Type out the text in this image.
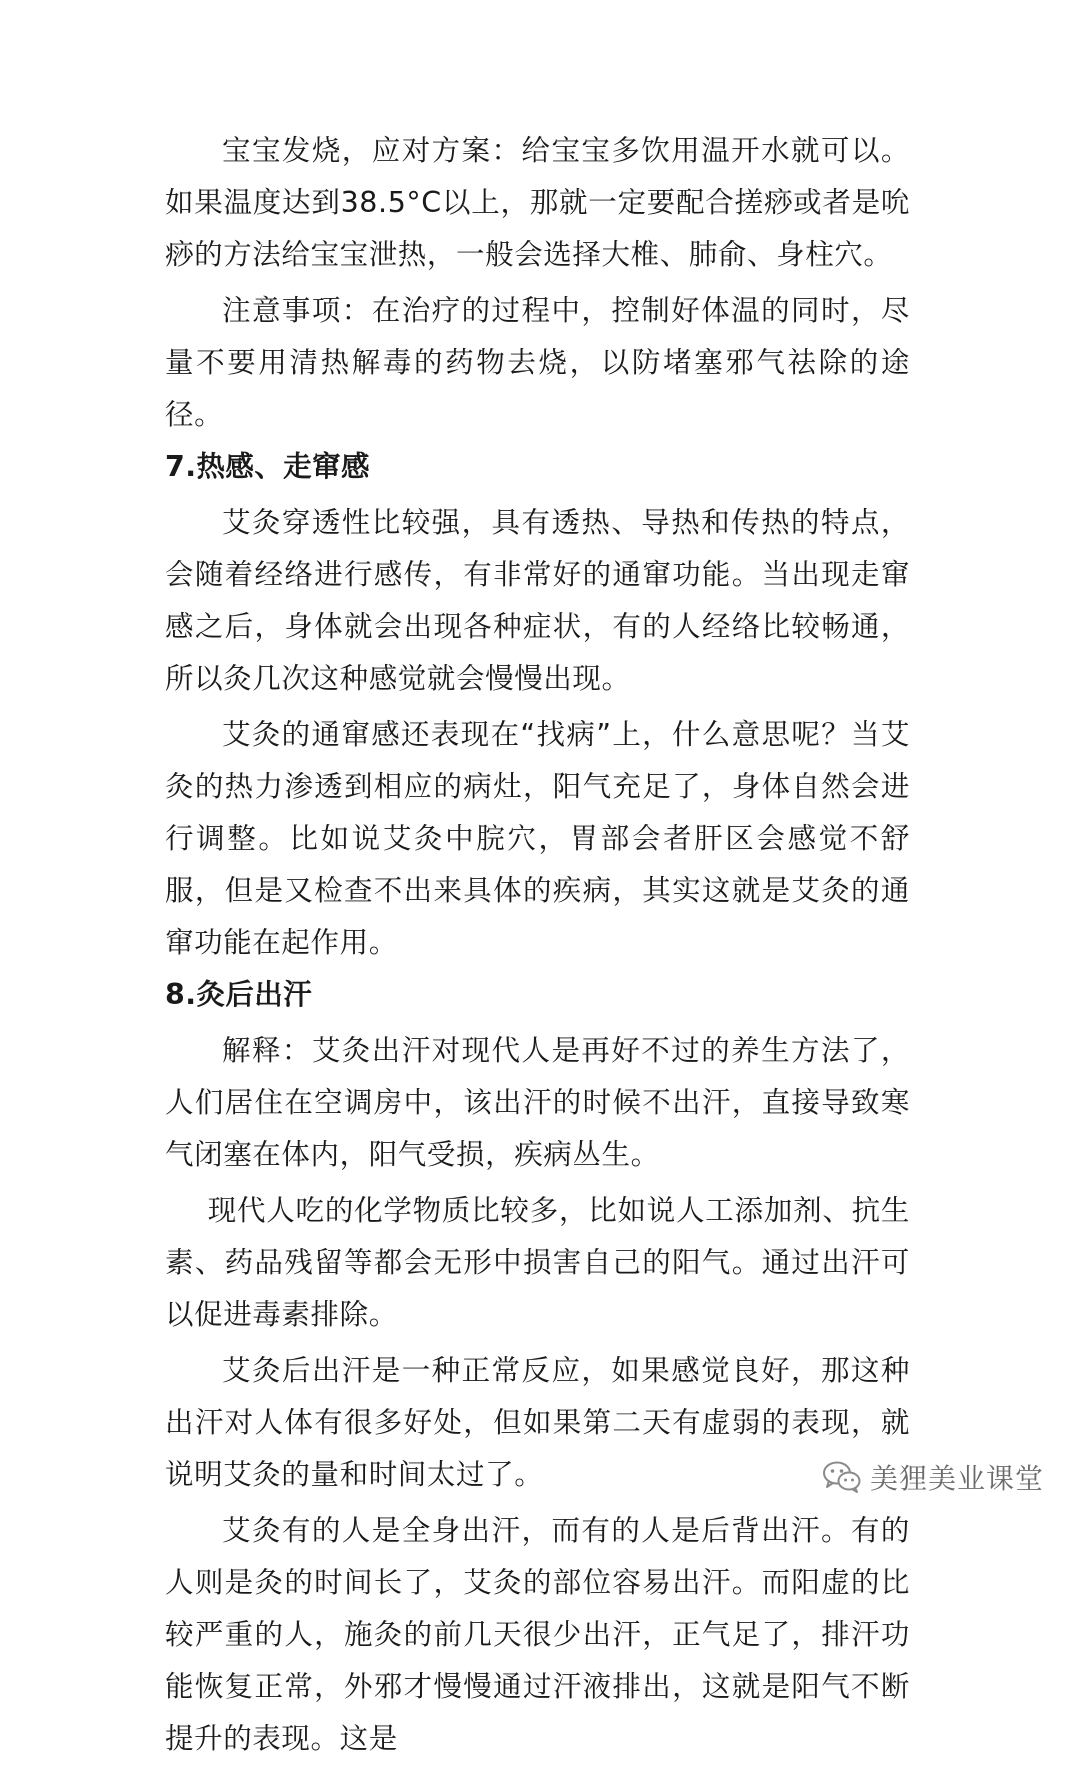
宝宝发烧，应对方案：给宝宝多饮用温开水就可以。如果温度达到38.5°C以上，那就一定要配合搓痧或者是吮痧的方法给宝宝泄热，一般会选择大椎、肺俞、身柱穴。

注意事项：在治疗的过程中，控制好体温的同时，尽量不要用清热解毒的药物去烧，以防堵塞邪气祛除的途径。

7.热感、走窜感

艾灸穿透性比较强，具有透热、导热和传热的特点，会随着经络进行感传，有非常好的通窜功能。当出现走窜感之后，身体就会出现各种症状，有的人经络比较畅通，所以灸几次这种感觉就会慢慢出现。

艾灸的通窜感还表现在“找病”上，什么意思呢？当艾灸的热力渗透到相应的病灶，阳气充足了，身体自然会进行调整。比如说艾灸中脘穴，胃部会者肝区会感觉不舒服，但是又检查不出来具体的疾病，其实这就是艾灸的通窜功能在起作用。

8.灸后出汗

解释：艾灸出汗对现代人是再好不过的养生方法了，人们居住在空调房中，该出汗的时候不出汗，直接导致寒气闭塞在体内，阳气受损，疾病丛生。

现代人吃的化学物质比较多，比如说人工添加剂、抗生素、药品残留等都会无形中损害自己的阳气。通过出汗可以促进毒素排除。

艾灸后出汗是一种正常反应，如果感觉良好，那这种出汗对人体有很多好处，但如果第二天有虚弱的表现，就说明艾灸的量和时间太过了。

艾灸有的人是全身出汗，而有的人是后背出汗。有的人则是灸的时间长了，艾灸的部位容易出汗。而阳虚的比较严重的人，施灸的前几天很少出汗，正气足了，排汗功能恢复正常，外邪才慢慢通过汗液排出，这就是阳气不断提升的表现。这是

美狸美业课堂
